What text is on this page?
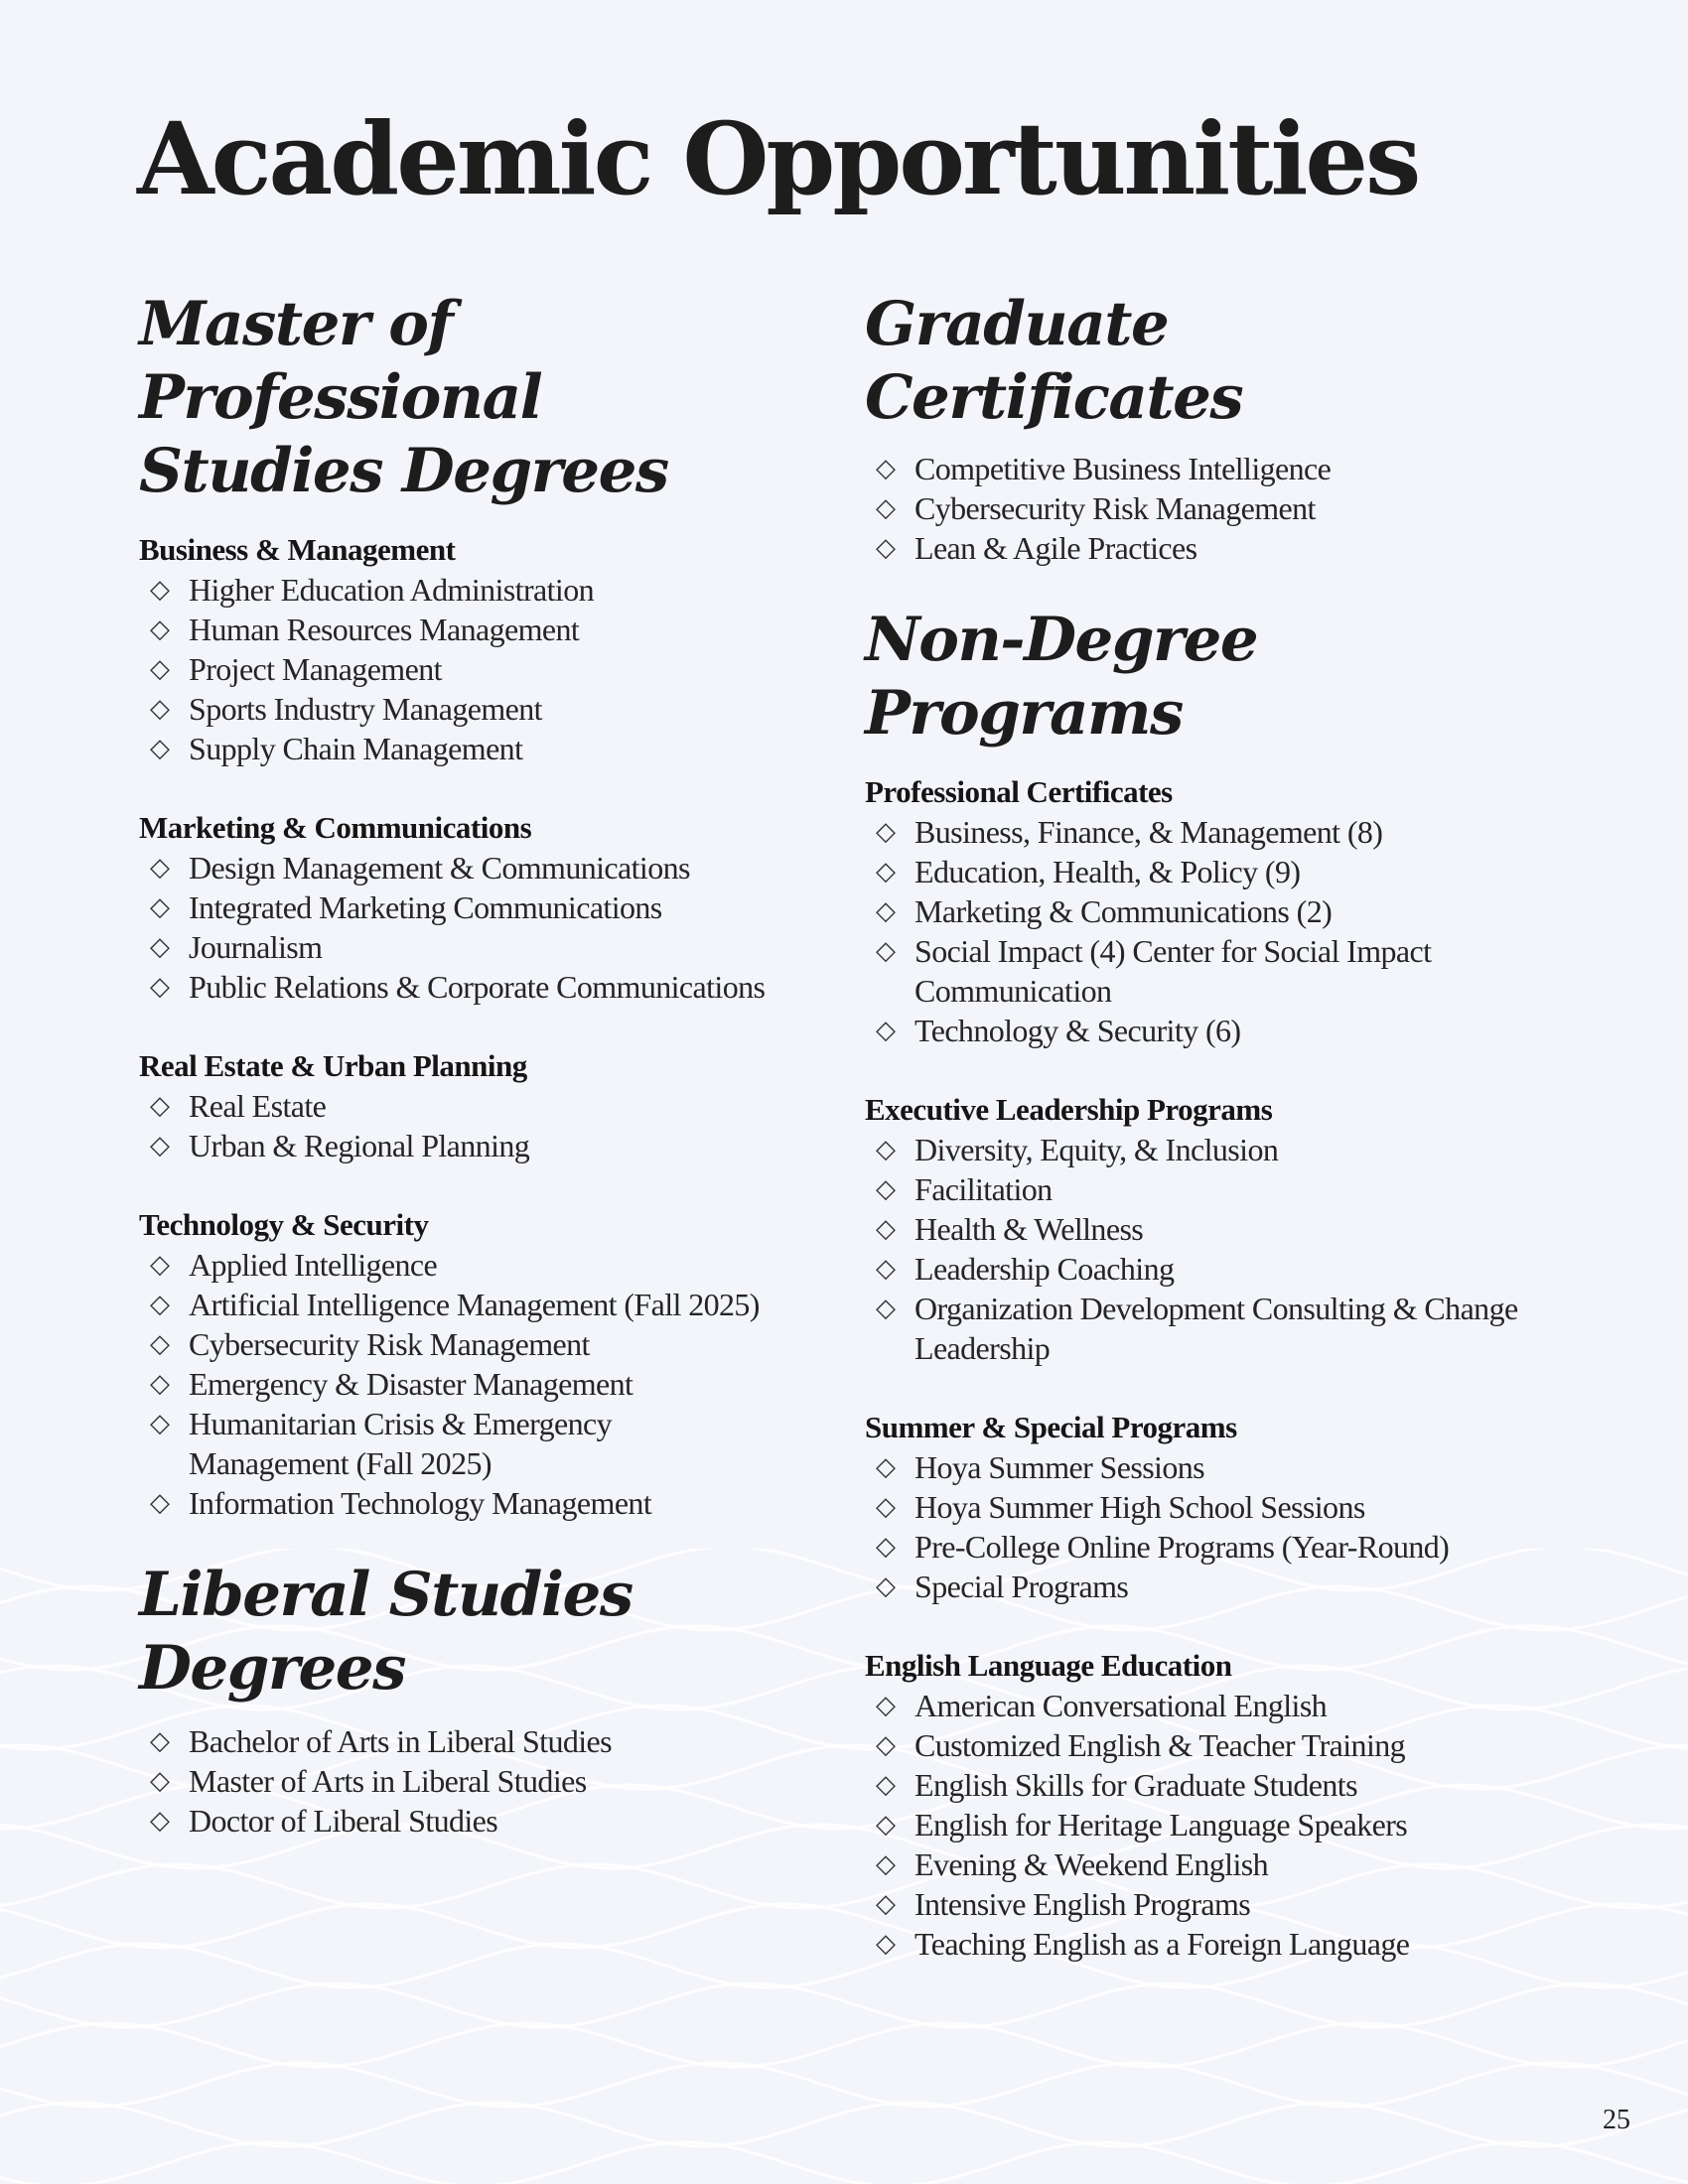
Academic Opportunities
Master of Professional
Studies Degrees
Business & Management
◇ Higher Education Administration
◇ Human Resources Management
◇ Project Management
◇ Sports Industry Management
◇ Supply Chain Management
Marketing & Communications
◇ Design Management & Communications
◇ Integrated Marketing Communications
◇ Journalism
◇ Public Relations & Corporate Communications
Real Estate & Urban Planning
◇ Real Estate
◇ Urban & Regional Planning
Technology & Security
◇ Applied Intelligence
◇ Artificial Intelligence Management (Fall 2025)
◇ Cybersecurity Risk Management
◇ Emergency & Disaster Management
◇ Humanitarian Crisis & Emergency Management (Fall 2025)
◇ Information Technology Management
Liberal Studies Degrees
◇ Bachelor of Arts in Liberal Studies
◇ Master of Arts in Liberal Studies
◇ Doctor of Liberal Studies
Graduate Certificates
◇ Competitive Business Intelligence
◇ Cybersecurity Risk Management
◇ Lean & Agile Practices
Non-Degree Programs
Professional Certificates
◇ Business, Finance, & Management (8)
◇ Education, Health, & Policy (9)
◇ Marketing & Communications (2)
◇ Social Impact (4) Center for Social Impact Communication
◇ Technology & Security (6)
Executive Leadership Programs
◇ Diversity, Equity, & Inclusion
◇ Facilitation
◇ Health & Wellness
◇ Leadership Coaching
◇ Organization Development Consulting & Change Leadership
Summer & Special Programs
◇ Hoya Summer Sessions
◇ Hoya Summer High School Sessions
◇ Pre-College Online Programs (Year-Round)
◇ Special Programs
English Language Education
◇ American Conversational English
◇ Customized English & Teacher Training
◇ English Skills for Graduate Students
◇ English for Heritage Language Speakers
◇ Evening & Weekend English
◇ Intensive English Programs
◇ Teaching English as a Foreign Language
25
